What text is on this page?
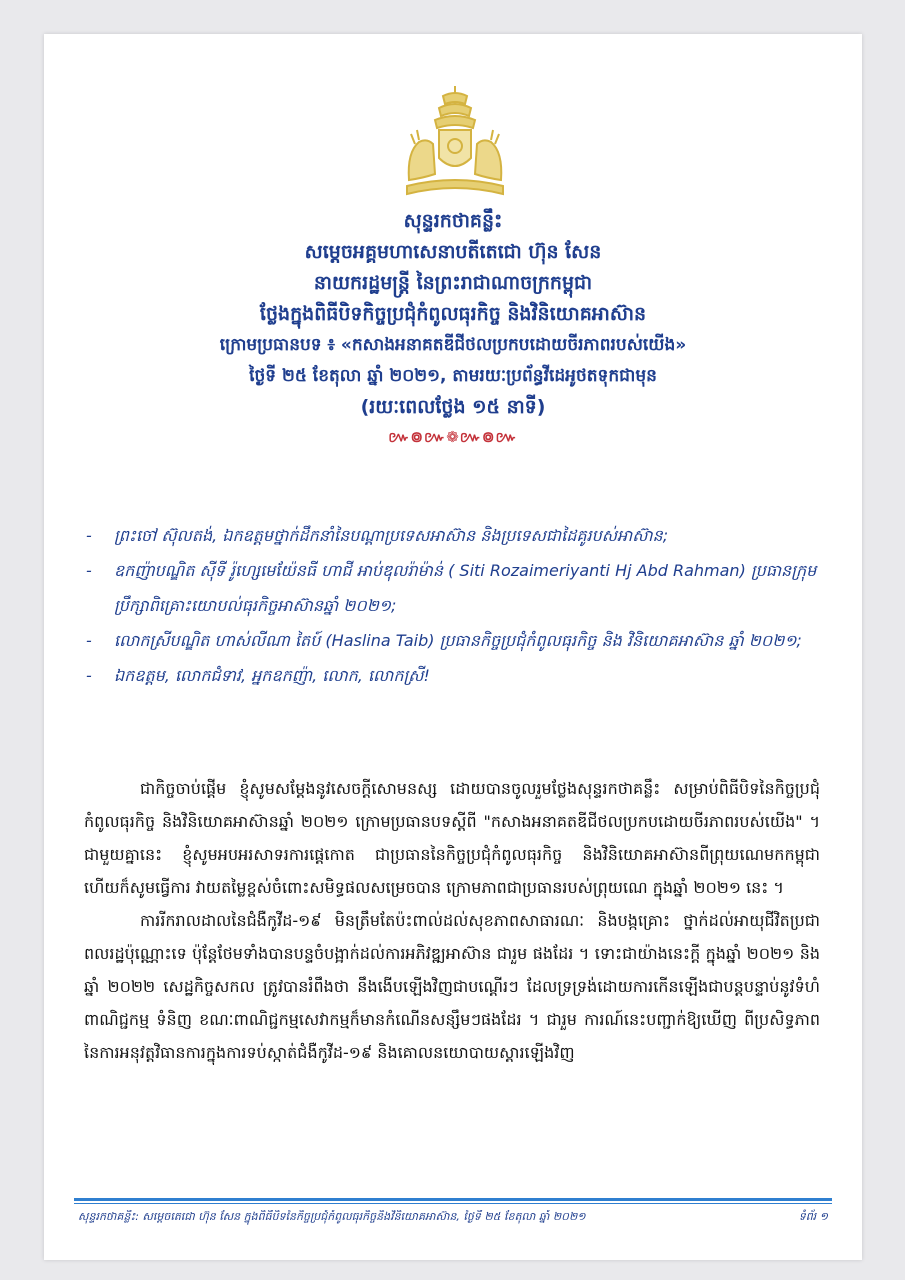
សុន្ទរកថាគន្លឹះ
សម្តេចអគ្គមហាសេនាបតីតេជោ ហ៊ុន សែន
នាយករដ្ឋមន្ត្រី នៃព្រះរាជាណាចក្រកម្ពុជា
ថ្លែងក្នុងពិធីបិទកិច្ចប្រជុំកំពូលធុរកិច្ច និងវិនិយោគអាស៊ាន
ក្រោមប្រធានបទ ៖ «កសាងអនាគតឌីជីថលប្រកបដោយចីរភាពរបស់យើង»
ថ្ងៃទី ២៥ ខែតុលា ឆ្នាំ ២០២១, តាមរយៈប្រព័ន្ធវីដេអូថតទុកជាមុន
(រយៈពេលថ្លែង ១៥ នាទី)
៚៙៚❁៚៙៚
- ព្រះចៅ ស៊ុលតង់, ឯកឧត្តមថ្នាក់ដឹកនាំនៃបណ្តាប្រទេសអាស៊ាន និងប្រទេសជាដៃគូរបស់អាស៊ាន;
- ឧកញ៉ាបណ្ឌិត ស៊ីទី រ៉ូហ្សេមេយ៉ែនធី ហាជី អាប់ឌុលរ៉ាម៉ាន់ ( Siti Rozaimeriyanti Hj Abd Rahman) ប្រធានក្រុមប្រឹក្សាពិគ្រោះយោបល់ធុរកិច្ចអាស៊ានឆ្នាំ ២០២១;
- លោកស្រីបណ្ឌិត ហាស់លីណា តៃប៍ (Haslina Taib) ប្រធានកិច្ចប្រជុំកំពូលធុរកិច្ច និង វិនិយោគអាស៊ាន ឆ្នាំ ២០២១;
- ឯកឧត្តម, លោកជំទាវ, អ្នកឧកញ៉ា, លោក, លោកស្រី!

ជាកិច្ចចាប់ផ្តើម ខ្ញុំសូមសម្តែងនូវសេចក្តីសោមនស្ស ដោយបានចូលរួមថ្លែងសុន្ទរកថាគន្លឹះ សម្រាប់ពិធីបិទនៃកិច្ចប្រជុំកំពូលធុរកិច្ច និងវិនិយោគអាស៊ានឆ្នាំ ២០២១ ក្រោមប្រធានបទស្តីពី "កសាងអនាគតឌីជីថលប្រកបដោយចីរភាពរបស់យើង" ។ ជាមួយគ្នានេះ ខ្ញុំសូមអបអរសាទរការផ្តេកោត ជាប្រធាននៃកិច្ចប្រជុំកំពូលធុរកិច្ច និងវិនិយោគអាស៊ានពីព្រុយណេមកកម្ពុជា ហើយក៏សូមធ្វើការ វាយតម្លៃខ្ពស់ចំពោះសមិទ្ធផលសម្រេចបាន ក្រោមភាពជាប្រធានរបស់ព្រុយណេ ក្នុងឆ្នាំ ២០២១ នេះ ។

ការរីករាលដាលនៃជំងឺកូវីដ-១៩ មិនត្រឹមតែប៉ះពាល់ដល់សុខភាពសាធារណៈ និងបង្កគ្រោះ ថ្នាក់ដល់អាយុជីវិតប្រជាពលរដ្ឋប៉ុណ្ណោះទេ ប៉ុន្តែថែមទាំងបានបន្ទចំបង្អាក់ដល់ការអភិវឌ្ឍអាស៊ាន ជារួម ផងដែរ ។ ទោះជាយ៉ាងនេះក្តី ក្នុងឆ្នាំ ២០២១ និងឆ្នាំ ២០២២ សេដ្ឋកិច្ចសកល ត្រូវបានរំពឹងថា នឹងងើបឡើងវិញជាបណ្តើរៗ ដែលទ្រទ្រង់ដោយការកើនឡើងជាបន្តបន្ទាប់នូវទំហំពាណិជ្ជកម្ម ទំនិញ ខណៈពាណិជ្ជកម្មសេវាកម្មក៏មានកំណើនសន្សឹមៗផងដែរ ។ ជារួម ការណ៍នេះបញ្ជាក់ឱ្យឃើញ ពីប្រសិទ្ធភាពនៃការអនុវត្តវិធានការក្នុងការទប់ស្កាត់ជំងឺកូវីដ-១៩ និងគោលនយោបាយស្តារឡើងវិញ

សុន្ទរកថាគន្លឹះ: សម្តេចតេជោ ហ៊ុន សែន ក្នុងពិធីបិទនៃកិច្ចប្រជុំកំពូលធុរកិច្ចនិងវិនិយោគអាស៊ាន, ថ្ងៃទី ២៥ ខែតុលា ឆ្នាំ ២០២១	ទំព័រ ១
